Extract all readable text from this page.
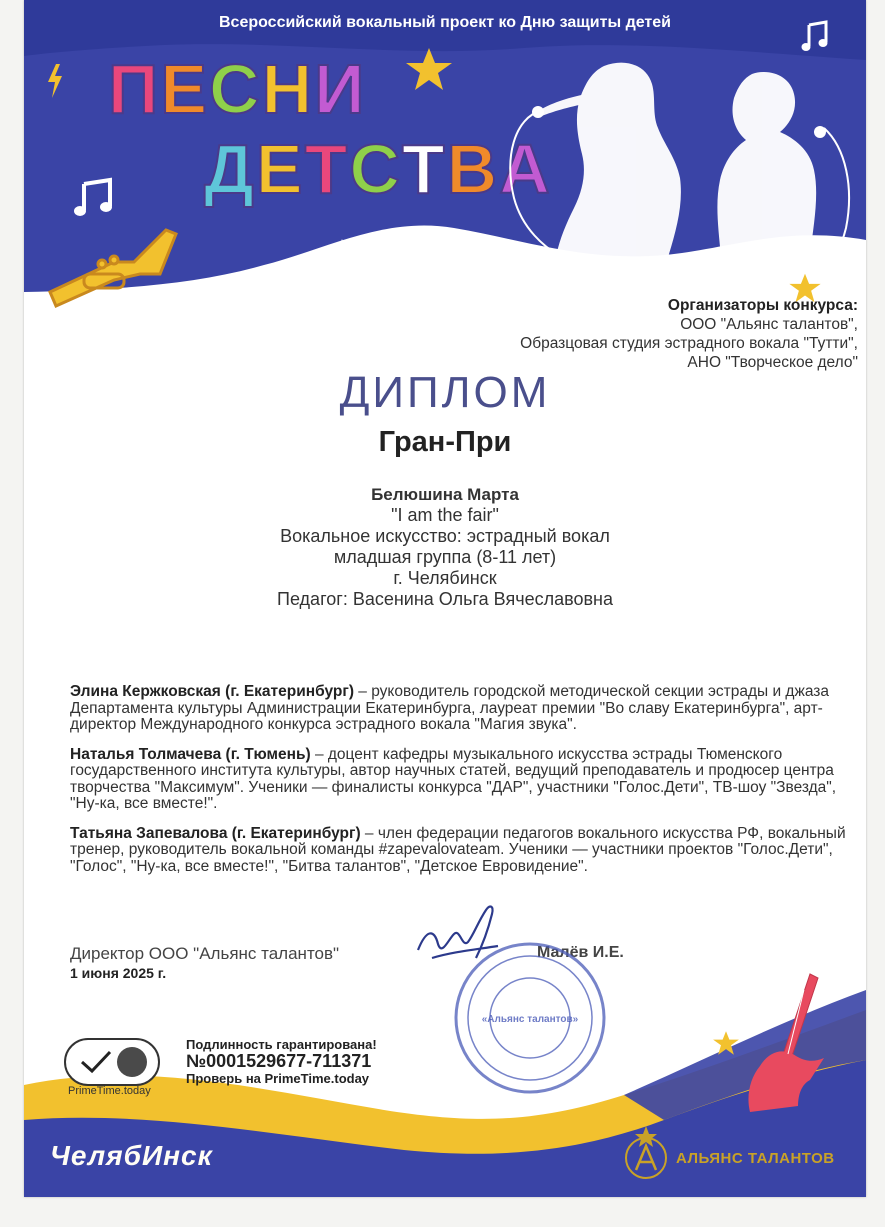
ПЕСНИ
ДЕТСТВА
Всероссийский вокальный проект ко Дню защиты детей
Организаторы конкурса:
ООО "Альянс талантов",
Образцовая студия эстрадного вокала "Тутти",
АНО "Творческое дело"
ДИПЛОМ
Гран-При
Белюшина Марта
"I am the fair"
Вокальное искусство: эстрадный вокал
младшая группа (8-11 лет)
г. Челябинск
Педагог: Васенина Ольга Вячеславовна

Элина Кержковская (г. Екатеринбург) – руководитель городской методической секции эстрады и джаза Департамента культуры Администрации Екатеринбурга, лауреат премии "Во славу Екатеринбурга", арт-директор Международного конкурса эстрадного вокала "Магия звука".

Наталья Толмачева (г. Тюмень) – доцент кафедры музыкального искусства эстрады Тюменского государственного института культуры, автор научных статей, ведущий преподаватель и продюсер центра творчества "Максимум". Ученики — финалисты конкурса "ДАР", участники "Голос.Дети", ТВ-шоу "Звезда", "Ну-ка, все вместе!".

Татьяна Запевалова (г. Екатеринбург) – член федерации педагогов вокального искусства РФ, вокальный тренер, руководитель вокальной команды #zapevalovateam. Ученики — участники проектов "Голос.Дети", "Голос", "Ну-ка, все вместе!", "Битва талантов", "Детское Евровидение".

Директор ООО "Альянс талантов"
1 июня 2025 г.
Малёв И.Е.
«Альянс талантов»
PrimeTime.today
Подлинность гарантирована!
№0001529677-711371
Проверь на PrimeTime.today
ЧелябИнск	АЛЬЯНС ТАЛАНТОВ
